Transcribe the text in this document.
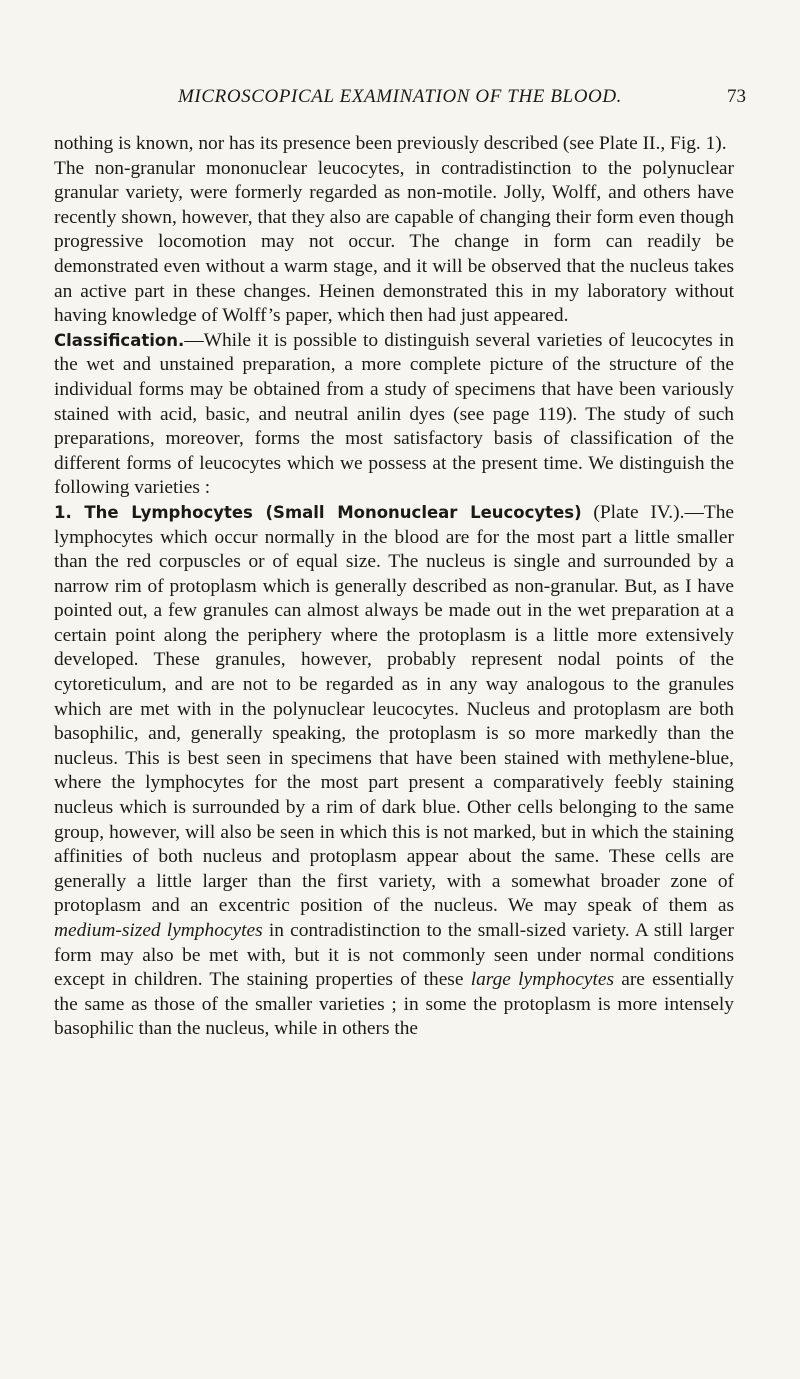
MICROSCOPICAL EXAMINATION OF THE BLOOD.	73

nothing is known, nor has its presence been previously described (see Plate II., Fig. 1).

The non-granular mononuclear leucocytes, in contradistinction to the polynuclear granular variety, were formerly regarded as non-motile. Jolly, Wolff, and others have recently shown, however, that they also are capable of changing their form even though progressive locomotion may not occur. The change in form can readily be demonstrated even without a warm stage, and it will be observed that the nucleus takes an active part in these changes. Heinen demonstrated this in my laboratory without having knowledge of Wolff’s paper, which then had just appeared.

Classification.—While it is possible to distinguish several varieties of leucocytes in the wet and unstained preparation, a more complete picture of the structure of the individual forms may be obtained from a study of specimens that have been variously stained with acid, basic, and neutral anilin dyes (see page 119). The study of such preparations, moreover, forms the most satisfactory basis of classification of the different forms of leucocytes which we possess at the present time. We distinguish the following varieties :

1. The Lymphocytes (Small Mononuclear Leucocytes) (Plate IV.).—The lymphocytes which occur normally in the blood are for the most part a little smaller than the red corpuscles or of equal size. The nucleus is single and surrounded by a narrow rim of protoplasm which is generally described as non-granular. But, as I have pointed out, a few granules can almost always be made out in the wet preparation at a certain point along the periphery where the protoplasm is a little more extensively developed. These granules, however, probably represent nodal points of the cytoreticulum, and are not to be regarded as in any way analogous to the granules which are met with in the polynuclear leucocytes. Nucleus and protoplasm are both basophilic, and, generally speaking, the protoplasm is so more markedly than the nucleus. This is best seen in specimens that have been stained with methylene-blue, where the lymphocytes for the most part present a comparatively feebly staining nucleus which is surrounded by a rim of dark blue. Other cells belonging to the same group, however, will also be seen in which this is not marked, but in which the staining affinities of both nucleus and protoplasm appear about the same. These cells are generally a little larger than the first variety, with a somewhat broader zone of protoplasm and an excentric position of the nucleus. We may speak of them as medium-sized lymphocytes in contradistinction to the small-sized variety. A still larger form may also be met with, but it is not commonly seen under normal conditions except in children. The staining properties of these large lymphocytes are essentially the same as those of the smaller varieties ; in some the protoplasm is more intensely basophilic than the nucleus, while in others the
